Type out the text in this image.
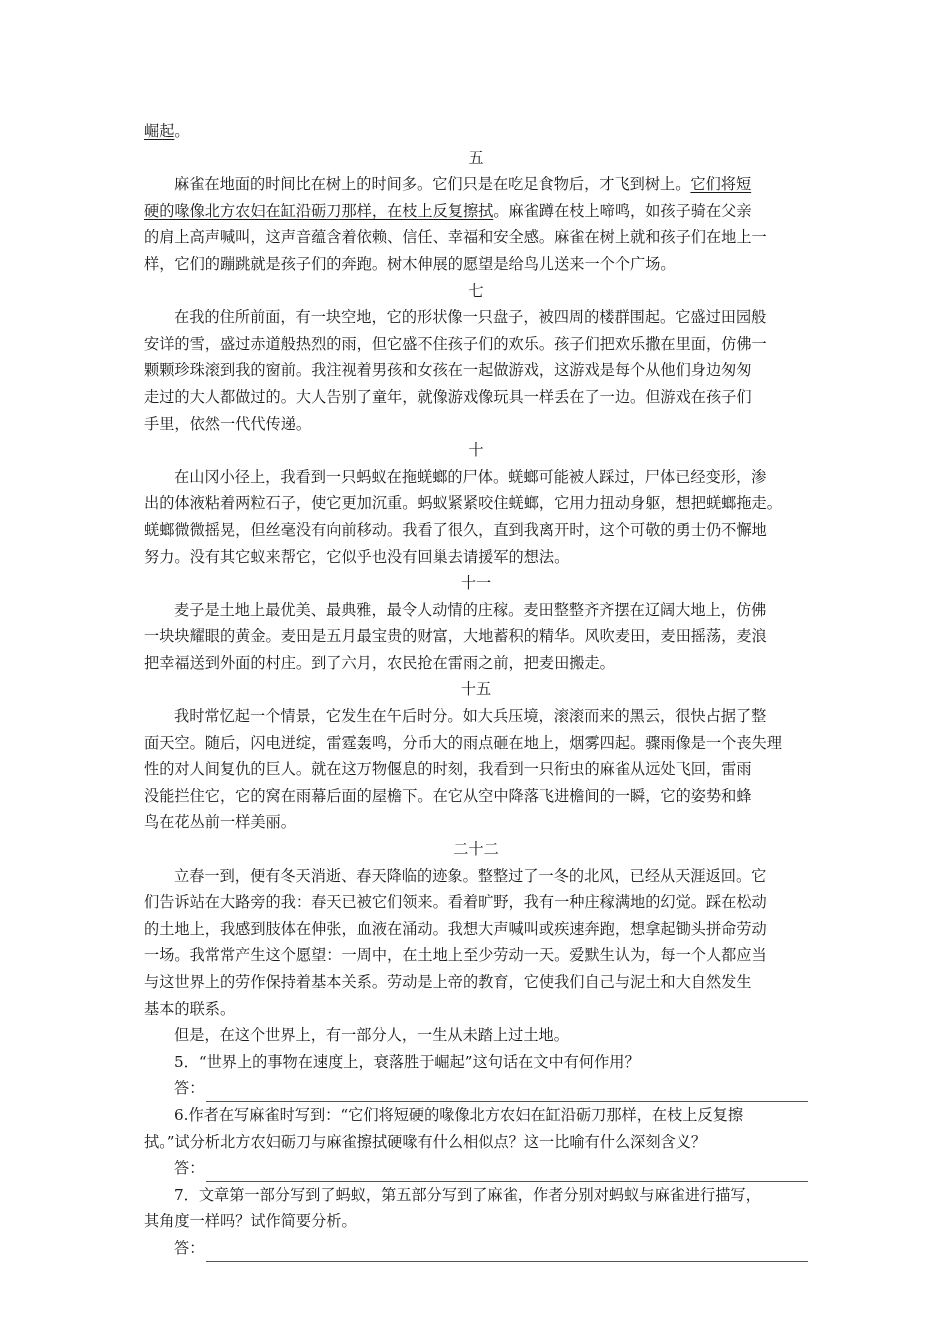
崛起。
五
麻雀在地面的时间比在树上的时间多。它们只是在吃足食物后，才飞到树上。它们将短
硬的喙像北方农妇在缸沿砺刀那样，在枝上反复擦拭。麻雀蹲在枝上啼鸣，如孩子骑在父亲
的肩上高声喊叫，这声音蕴含着依赖、信任、幸福和安全感。麻雀在树上就和孩子们在地上一
样，它们的蹦跳就是孩子们的奔跑。树木伸展的愿望是给鸟儿送来一个个广场。
七
在我的住所前面，有一块空地，它的形状像一只盘子，被四周的楼群围起。它盛过田园般
安详的雪，盛过赤道般热烈的雨，但它盛不住孩子们的欢乐。孩子们把欢乐撒在里面，仿佛一
颗颗珍珠滚到我的窗前。我注视着男孩和女孩在一起做游戏，这游戏是每个从他们身边匆匆
走过的大人都做过的。大人告别了童年，就像游戏像玩具一样丢在了一边。但游戏在孩子们
手里，依然一代代传递。
十
在山冈小径上，我看到一只蚂蚁在拖蜣螂的尸体。蜣螂可能被人踩过，尸体已经变形，渗
出的体液粘着两粒石子，使它更加沉重。蚂蚁紧紧咬住蜣螂，它用力扭动身躯，想把蜣螂拖走。
蜣螂微微摇晃，但丝毫没有向前移动。我看了很久，直到我离开时，这个可敬的勇士仍不懈地
努力。没有其它蚁来帮它，它似乎也没有回巢去请援军的想法。
十一
麦子是土地上最优美、最典雅，最令人动情的庄稼。麦田整整齐齐摆在辽阔大地上，仿佛
一块块耀眼的黄金。麦田是五月最宝贵的财富，大地蓄积的精华。风吹麦田，麦田摇荡，麦浪
把幸福送到外面的村庄。到了六月，农民抢在雷雨之前，把麦田搬走。
十五
我时常忆起一个情景，它发生在午后时分。如大兵压境，滚滚而来的黑云，很快占据了整
面天空。随后，闪电迸绽，雷霆轰鸣，分币大的雨点砸在地上，烟雾四起。骤雨像是一个丧失理
性的对人间复仇的巨人。就在这万物偃息的时刻，我看到一只衔虫的麻雀从远处飞回，雷雨
没能拦住它，它的窝在雨幕后面的屋檐下。在它从空中降落飞进檐间的一瞬，它的姿势和蜂
鸟在花丛前一样美丽。
二十二
立春一到，便有冬天消逝、春天降临的迹象。整整过了一冬的北风，已经从天涯返回。它
们告诉站在大路旁的我：春天已被它们领来。看着旷野，我有一种庄稼满地的幻觉。踩在松动
的土地上，我感到肢体在伸张，血液在涌动。我想大声喊叫或疾速奔跑，想拿起锄头拼命劳动
一场。我常常产生这个愿望：一周中，在土地上至少劳动一天。爱默生认为，每一个人都应当
与这世界上的劳作保持着基本关系。劳动是上帝的教育，它使我们自己与泥土和大自然发生
基本的联系。
但是，在这个世界上，有一部分人，一生从未踏上过土地。
5．“世界上的事物在速度上，衰落胜于崛起”这句话在文中有何作用？
答：
6.作者在写麻雀时写到：“它们将短硬的喙像北方农妇在缸沿砺刀那样，在枝上反复擦
拭。”试分析北方农妇砺刀与麻雀擦拭硬喙有什么相似点？这一比喻有什么深刻含义？
答：
7．文章第一部分写到了蚂蚁，第五部分写到了麻雀，作者分别对蚂蚁与麻雀进行描写，
其角度一样吗？试作简要分析。
答：
